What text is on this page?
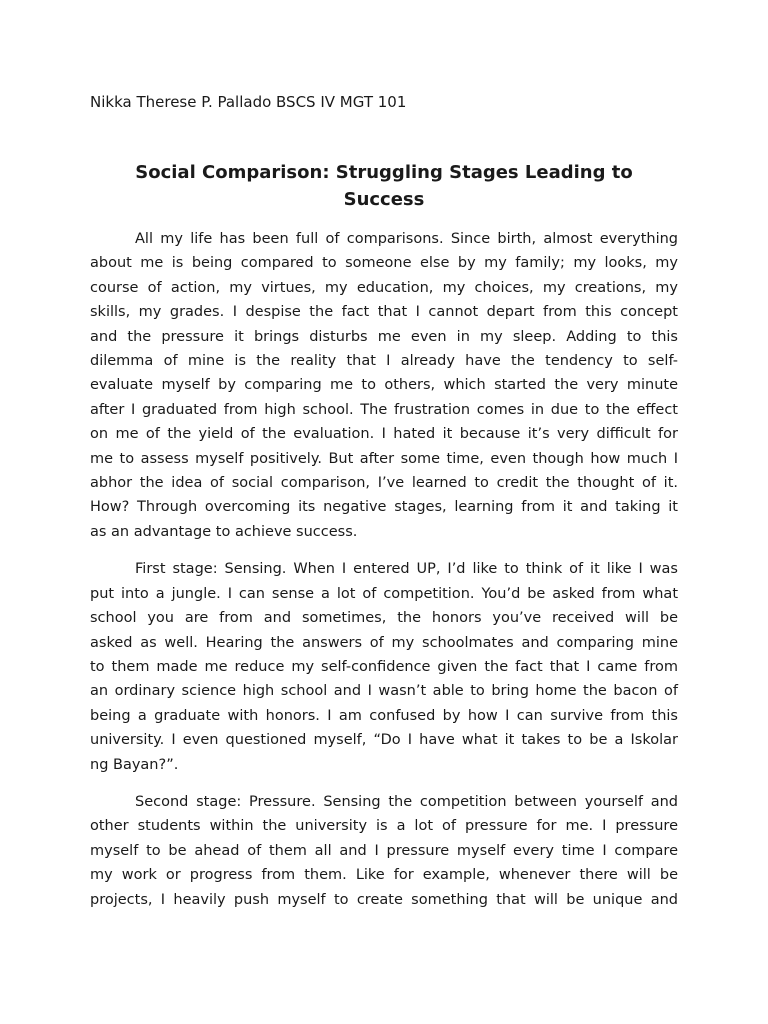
Nikka Therese P. Pallado BSCS IV MGT 101
Social Comparison: Struggling Stages Leading to
Success
All my life has been full of comparisons. Since birth, almost everything
about me is being compared to someone else by my family; my looks, my
course of action, my virtues, my education, my choices, my creations, my
skills, my grades. I despise the fact that I cannot depart from this concept
and the pressure it brings disturbs me even in my sleep. Adding to this
dilemma of mine is the reality that I already have the tendency to self-
evaluate myself by comparing me to others, which started the very minute
after I graduated from high school. The frustration comes in due to the effect
on me of the yield of the evaluation. I hated it because it’s very difficult for
me to assess myself positively. But after some time, even though how much I
abhor the idea of social comparison, I’ve learned to credit the thought of it.
How? Through overcoming its negative stages, learning from it and taking it
as an advantage to achieve success.
First stage: Sensing. When I entered UP, I’d like to think of it like I was
put into a jungle. I can sense a lot of competition. You’d be asked from what
school you are from and sometimes, the honors you’ve received will be
asked as well. Hearing the answers of my schoolmates and comparing mine
to them made me reduce my self-confidence given the fact that I came from
an ordinary science high school and I wasn’t able to bring home the bacon of
being a graduate with honors. I am confused by how I can survive from this
university. I even questioned myself, “Do I have what it takes to be a Iskolar
ng Bayan?”.
Second stage: Pressure. Sensing the competition between yourself and
other students within the university is a lot of pressure for me. I pressure
myself to be ahead of them all and I pressure myself every time I compare
my work or progress from them. Like for example, whenever there will be
projects, I heavily push myself to create something that will be unique and
